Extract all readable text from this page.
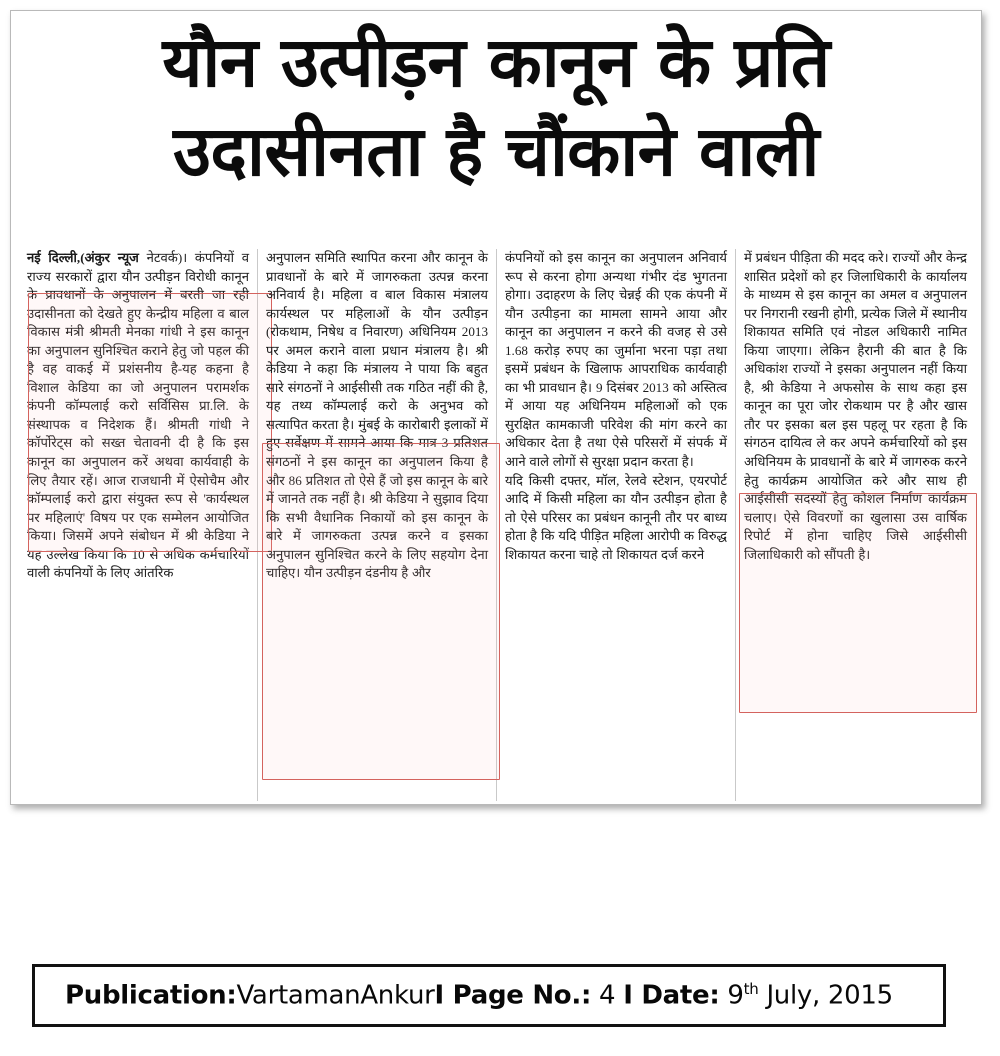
यौन उत्पीड़न कानून के प्रति
उदासीनता है चौंकाने वाली

नई दिल्ली,(अंकुर न्यूज नेटवर्क)। कंपनियों व राज्य सरकारों द्वारा यौन उत्पीड़न विरोधी कानून के प्रावधानों के अनुपालन में बरती जा रही उदासीनता को देखते हुए केन्द्रीय महिला व बाल विकास मंत्री श्रीमती मेनका गांधी ने इस कानून का अनुपालन सुनिश्चित कराने हेतु जो पहल की है वह वाकई में प्रशंसनीय है-यह कहना है विशाल केडिया का जो अनुपालन परामर्शक कंपनी कॉम्पलाई करो सर्विसिस प्रा.लि. के संस्थापक व निदेशक हैं। श्रीमती गांधी ने कॉर्पोरेट्स को सख्त चेतावनी दी है कि इस कानून का अनुपालन करें अथवा कार्यवाही के लिए तैयार रहें। आज राजधानी में ऐसोचैम और कॉम्पलाई करो द्वारा संयुक्त रूप से 'कार्यस्थल पर महिलाएं' विषय पर एक सम्मेलन आयोजित किया। जिसमें अपने संबोधन में श्री केडिया ने यह उल्लेख किया कि 10 से अधिक कर्मचारियों वाली कंपनियों के लिए आंतरिक

अनुपालन समिति स्थापित करना और कानून के प्रावधानों के बारे में जागरुकता उत्पन्न करना अनिवार्य है। महिला व बाल विकास मंत्रालय कार्यस्थल पर महिलाओं के यौन उत्पीड़न (रोकथाम, निषेध व निवारण) अधिनियम 2013 पर अमल कराने वाला प्रधान मंत्रालय है। श्री केडिया ने कहा कि मंत्रालय ने पाया कि बहुत सारे संगठनों ने आईसीसी तक गठित नहीं की है, यह तथ्य कॉम्पलाई करो के अनुभव को सत्यापित करता है। मुंबई के कारोबारी इलाकों में हुए सर्वेक्षण में सामने आया कि मात्र 3 प्रतिशत संगठनों ने इस कानून का अनुपालन किया है और 86 प्रतिशत तो ऐसे हैं जो इस कानून के बारे में जानते तक नहीं है। श्री केडिया ने सुझाव दिया कि सभी वैधानिक निकायों को इस कानून के बारे में जागरुकता उत्पन्न करने व इसका अनुपालन सुनिश्चित करने के लिए सहयोग देना चाहिए। यौन उत्पीड़न दंडनीय है और

कंपनियों को इस कानून का अनुपालन अनिवार्य रूप से करना होगा अन्यथा गंभीर दंड भुगतना होगा। उदाहरण के लिए चेन्नई की एक कंपनी में यौन उत्पीड़ना का मामला सामने आया और कानून का अनुपालन न करने की वजह से उसे 1.68 करोड़ रुपए का जुर्माना भरना पड़ा तथा इसमें प्रबंधन के खिलाफ आपराधिक कार्यवाही का भी प्रावधान है। 9 दिसंबर 2013 को अस्तित्व में आया यह अधिनियम महिलाओं को एक सुरक्षित कामकाजी परिवेश की मांग करने का अधिकार देता है तथा ऐसे परिसरों में संपर्क में आने वाले लोगों से सुरक्षा प्रदान करता है।

यदि किसी दफ्तर, मॉल, रेलवे स्टेशन, एयरपोर्ट आदि में किसी महिला का यौन उत्पीड़न होता है तो ऐसे परिसर का प्रबंधन कानूनी तौर पर बाध्य होता है कि यदि पीड़ित महिला आरोपी क विरुद्ध शिकायत करना चाहे तो शिकायत दर्ज करने

में प्रबंधन पीड़िता की मदद करे। राज्यों और केन्द्र शासित प्रदेशों को हर जिलाधिकारी के कार्यालय के माध्यम से इस कानून का अमल व अनुपालन पर निगरानी रखनी होगी, प्रत्येक जिले में स्थानीय शिकायत समिति एवं नोडल अधिकारी नामित किया जाएगा। लेकिन हैरानी की बात है कि अधिकांश राज्यों ने इसका अनुपालन नहीं किया है, श्री केडिया ने अफसोस के साथ कहा इस कानून का पूरा जोर रोकथाम पर है और खास तौर पर इसका बल इस पहलू पर रहता है कि संगठन दायित्व ले कर अपने कर्मचारियों को इस अधिनियम के प्रावधानों के बारे में जागरुक करने हेतु कार्यक्रम आयोजित करे और साथ ही आईसीसी सदस्यों हेतु कौशल निर्माण कार्यक्रम चलाए। ऐसे विवरणों का खुलासा उस वार्षिक रिपोर्ट में होना चाहिए जिसे आईसीसी जिलाधिकारी को सौंपती है।

Publication:VartamanAnkurI Page No.: 4 I Date: 9th July, 2015
